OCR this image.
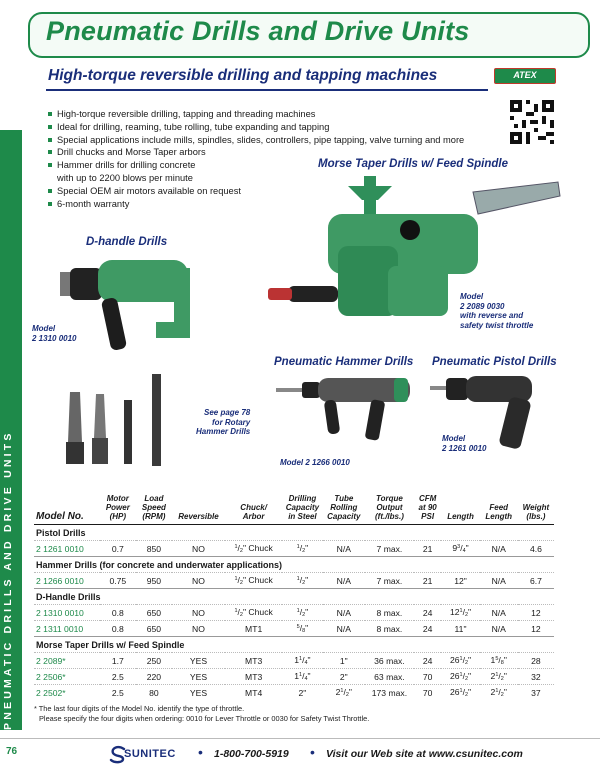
PNEUMATIC DRILLS AND DRIVE UNITS
Pneumatic Drills and Drive Units
High-torque reversible drilling and tapping machines	ATEX
High-torque reversible drilling, tapping and threading machines
Ideal for drilling, reaming, tube rolling, tube expanding and tapping
Special applications include mills, spindles, slides, controllers, pipe tapping, valve turning and more
Drill chucks and Morse Taper arbors
Hammer drills for drilling concrete
with up to 2200 blows per minute
Special OEM air motors available on request
6-month warranty
Morse Taper Drills w/ Feed Spindle
Model
2 2089 0030
with reverse and
safety twist throttle
D-handle Drills
Model
2 1310 0010
See page 78
for Rotary
Hammer Drills
Pneumatic Hammer Drills
Model 2 1266 0010
Pneumatic Pistol Drills
Model
2 1261 0010
Model No.	Motor
Power
(HP)	Load
Speed
(RPM)	Reversible	Chuck/
Arbor	Drilling
Capacity
in Steel	Tube
Rolling
Capacity	Torque
Output
(ft./lbs.)	CFM
at 90
PSI	Length	Feed
Length	Weight
(lbs.)
Pistol Drills											
2 1261 0010	0.7	850	NO	$^1/_2$" Chuck	$^1/_2$"	N/A	7 max.	21	$9^3/_4$"	N/A	4.6
Hammer Drills (for concrete and underwater applications)											
2 1266 0010	0.75	950	NO	$^1/_2$" Chuck	$^1/_2$"	N/A	7 max.	21	12"	N/A	6.7
D-Handle Drills											
2 1310 0010	0.8	650	NO	$^1/_2$" Chuck	$^1/_2$"	N/A	8 max.	24	$12^1/_2$"	N/A	12
2 1311 0010	0.8	650	NO	MT1	$^5/_8$"	N/A	8 max.	24	11"	N/A	12
Morse Taper Drills w/ Feed Spindle											
2 2089*	1.7	250	YES	MT3	$1^1/_4$"	1"	36 max.	24	$26^1/_2$"	$1^5/_8$"	28
2 2506*	2.5	220	YES	MT3	$1^1/_4$"	2"	63 max.	70	$26^1/_2$"	$2^1/_2$"	32
2 2502*	2.5	80	YES	MT4	2"	$2^1/_2$"	173 max.	70	$26^1/_2$"	$2^1/_2$"	37
* The last four digits of the Model No. identify the type of throttle.
Please specify the four digits when ordering: 0010 for Lever Throttle or 0030 for Safety Twist Throttle.
76	SUNITEC • 1-800-700-5919 • Visit our Web site at www.csunitec.com
